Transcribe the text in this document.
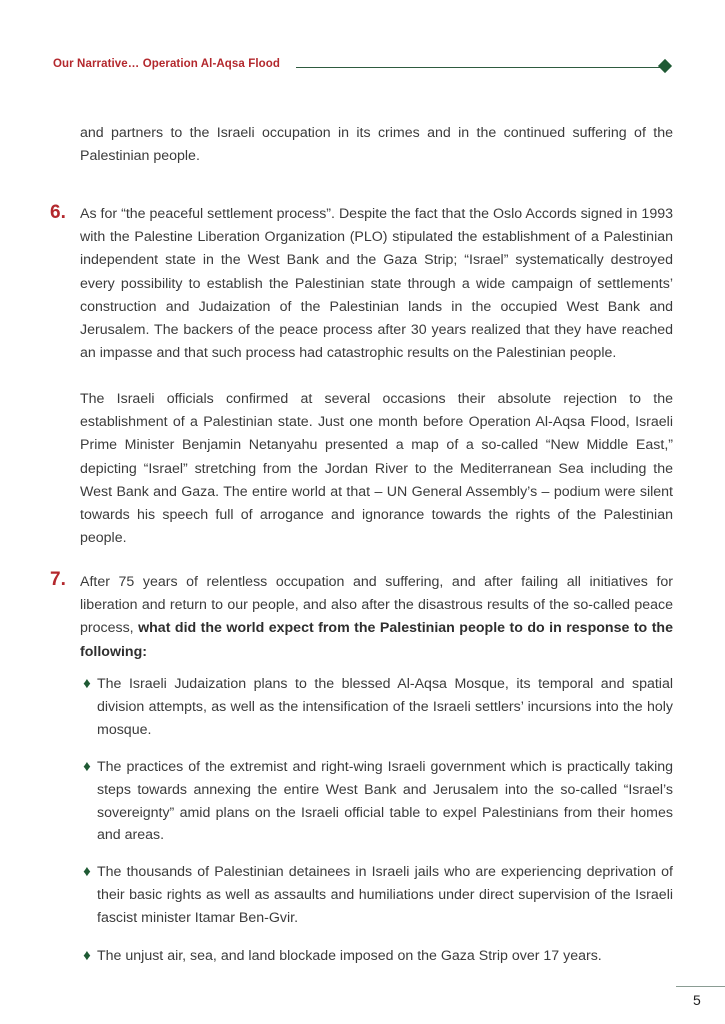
Our Narrative… Operation Al-Aqsa Flood

and partners to the Israeli occupation in its crimes and in the continued suffering of the Palestinian people.

6. As for “the peaceful settlement process”. Despite the fact that the Oslo Accords signed in 1993 with the Palestine Liberation Organization (PLO) stipulated the establishment of a Palestinian independent state in the West Bank and the Gaza Strip; “Israel” systematically destroyed every possibility to establish the Palestinian state through a wide campaign of settlements’ construction and Judaization of the Palestinian lands in the occupied West Bank and Jerusalem. The backers of the peace process after 30 years realized that they have reached an impasse and that such process had catastrophic results on the Palestinian people.

The Israeli officials confirmed at several occasions their absolute rejection to the establishment of a Palestinian state. Just one month before Operation Al-Aqsa Flood, Israeli Prime Minister Benjamin Netanyahu presented a map of a so-called “New Middle East,” depicting “Israel” stretching from the Jordan River to the Mediterranean Sea including the West Bank and Gaza. The entire world at that – UN General Assembly’s – podium were silent towards his speech full of arrogance and ignorance towards the rights of the Palestinian people.

7. After 75 years of relentless occupation and suffering, and after failing all initiatives for liberation and return to our people, and also after the disastrous results of the so-called peace process, what did the world expect from the Palestinian people to do in response to the following:

♦ The Israeli Judaization plans to the blessed Al-Aqsa Mosque, its temporal and spatial division attempts, as well as the intensification of the Israeli settlers’ incursions into the holy mosque.
♦ The practices of the extremist and right-wing Israeli government which is practically taking steps towards annexing the entire West Bank and Jerusalem into the so-called “Israel’s sovereignty” amid plans on the Israeli official table to expel Palestinians from their homes and areas.
♦ The thousands of Palestinian detainees in Israeli jails who are experiencing deprivation of their basic rights as well as assaults and humiliations under direct supervision of the Israeli fascist minister Itamar Ben-Gvir.
♦ The unjust air, sea, and land blockade imposed on the Gaza Strip over 17 years.
5
